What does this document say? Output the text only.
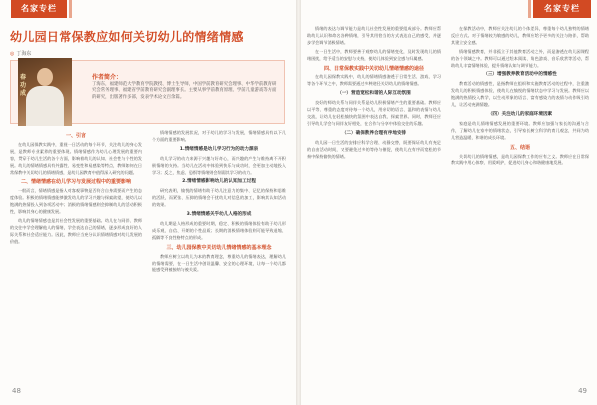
名家专栏
幼儿园日常保教应如何关切幼儿的情绪情感
◎ 丁海东
春
功
成
作者简介：
丁海东，福建师范大学教育学院教授、博士生导师，中国学前教育研究会理事、中华学前教育研究会常务理事、福建省学前教育研究会副理事长。主要从事学前教育原理、学前儿童游戏等方面的研究，出版著作多部，发表学术论文百余篇。

一、引言

在幼儿园保教实践中，重视一日活动的每个环节，关注幼儿的身心发展，是教师专业素养的重要体现。情绪情感作为幼儿心理发展的重要内容，贯穿于幼儿生活的各个方面，影响着幼儿的认知、社会性与个性的发展。幼儿的情绪情感具有外露性、易变性和易感染等特点，教师如何在日常保教中关切幼儿的情绪情感，是幼儿园教育中值得深入研究的问题。

二、情绪情感在幼儿学习与发展过程中的重要影响

一般而言，情绪情感是指人对客观事物是否符合自身需要而产生的态度体验。积极的情绪情感能够激发幼儿的学习兴趣与探索欲望，使幼儿以饱满的热情投入到各项活动中；消极的情绪情感则会抑制幼儿的活动积极性，影响其身心的健康发展。

幼儿的情绪情感也是其社会性发展的重要基础。幼儿在与同伴、教师的交往中学会理解他人的情绪，学会表达自己的情绪，逐步形成良好的人际关系和社会适应能力。因此，教师应当充分认识情绪情感对幼儿发展的价值。

情绪情感的发展状况，对于幼儿的学习与发展，情绪情感具有以下几个方面的重要影响。

1.情绪情感是幼儿学习行为的动力源泉

幼儿学习的动力来源于兴趣与好奇心，而兴趣的产生与维持离不开积极情绪的支持。当幼儿在活动中体验到快乐与成功时，会更加主动地投入学习；反之，焦虑、恐惧等情绪则会削弱其学习的动力。

2.情绪情感影响幼儿的认知加工过程

研究表明，愉悦的情绪有助于幼儿注意力的集中、记忆的保持和思维的活跃，而紧张、压抑的情绪会干扰幼儿对信息的加工，影响其认知活动的效果。

3.情绪情感关乎幼儿人格的形成

幼儿期是人格形成的重要时期，稳定、积极的情绪体验有助于幼儿形成乐观、自信、开朗的个性品质；长期的消极情绪体验则可能导致退缩、孤僻等不良性格特点的形成。

三、幼儿园保教中关切幼儿情绪情感的基本理念

教师应树立以幼儿为本的教育理念，尊重幼儿的情绪表达，理解幼儿的情绪需要，在一日生活中创设温馨、安全的心理环境，让每一个幼儿都能感受到被接纳与被关爱。

48
名家专栏

情绪的表达与调节能力是幼儿社会性发展的重要组成部分。教师应帮助幼儿认识和命名各种情绪，引导其用恰当的方式表达自己的感受，并逐步学会调节消极情绪。

在一日生活中，教师要善于观察幼儿的情绪变化，及时发现幼儿的情绪困扰，给予适当的安慰与支持，使幼儿体验到安全感与归属感。

四、日常保教实践中关切幼儿情绪情感的途径

在幼儿园保教实践中，幼儿的情绪情感渗透于日常生活、游戏、学习等各个环节之中，教师需要通过多种途径关切幼儿的情绪情感。

（一）营造宽松和谐的人际互动氛围

良好的师幼关系与同伴关系是幼儿积极情绪产生的重要基础。教师应以平等、尊重的态度对待每一个幼儿，用亲切的语言、温和的表情与幼儿交流，让幼儿在轻松愉快的氛围中表达自我、探索世界。同时，教师还应引导幼儿学会与同伴友好相处，在合作与分享中体验交往的乐趣。

（二）确保教养合理有序地安排

幼儿园一日生活的安排应科学合理、动静交替，既要保证幼儿有充足的自由活动时间，又要避免过多的等待与催促，使幼儿在有序而宽松的节奏中保持愉快的情绪。

在保教活动中，教师应关注幼儿的个体差异，尊重每个幼儿独特的情绪反应方式。对于情绪较为敏感的幼儿，教师应给予更多的关注与陪伴，帮助其建立安全感。

情绪情感教育，并非孤立于其他教育活动之外，而是渗透在幼儿园课程的各个领域之中。教师可以通过绘本阅读、角色游戏、音乐欣赏等活动，帮助幼儿丰富情绪体验，提升情绪认知与调节能力。

（三）增强教养教育活动中的情感性

教育活动的情感性，是指教师在组织和实施教育活动的过程中，注重激发幼儿的积极情感体验，使幼儿在愉悦的情绪状态中学习与发展。教师应以饱满的热情投入教学，以生动形象的语言、富有感染力的表情与动作吸引幼儿，让活动充满情趣。

（四）关注幼儿的家庭环境因素

家庭是幼儿情绪情感发展的重要环境。教师应加强与家长的沟通与合作，了解幼儿在家中的情绪状态，引导家长树立科学的育儿观念，共同为幼儿营造温暖、和谐的成长环境。

五、结语

关切幼儿的情绪情感，是幼儿园保教工作的应有之义。教师应在日常保教实践中用心体察、用爱呵护，促进幼儿身心和谐健康地发展。

49
